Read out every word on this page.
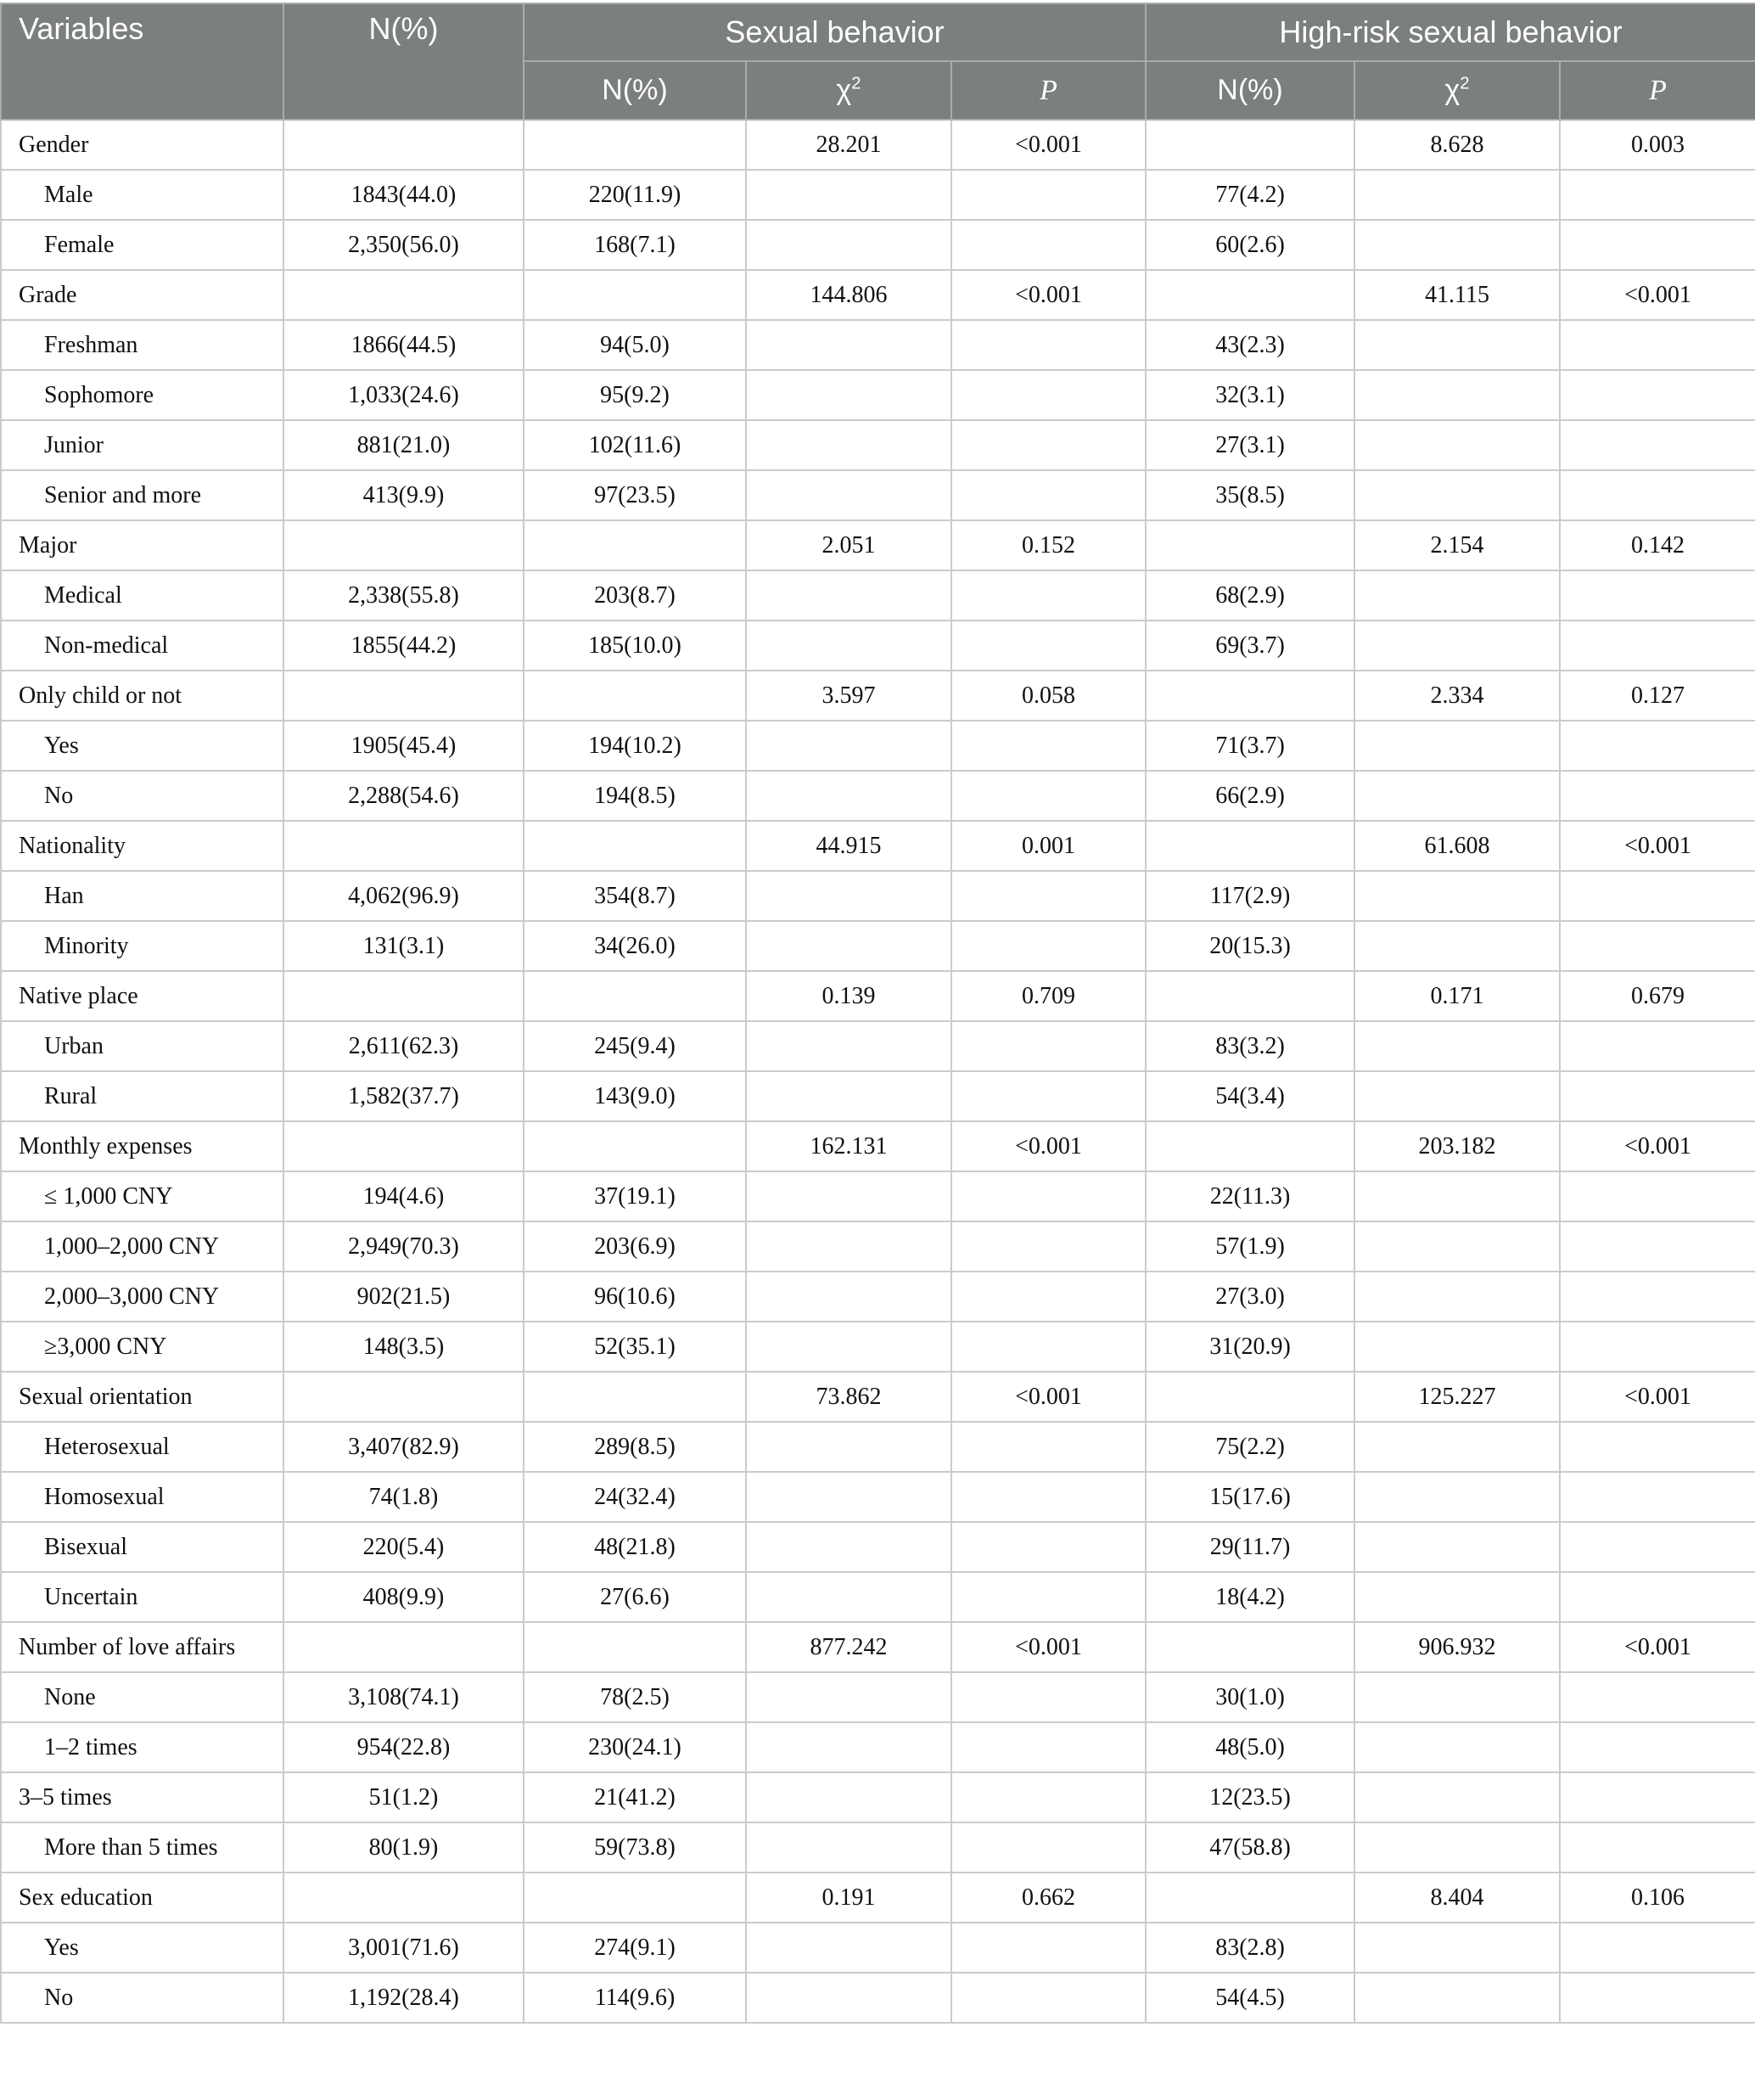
Variables	N(%)	Sexual behavior			High-risk sexual behavior		
		N(%)	$\chi^2$	P	N(%)	$\chi^2$	P
Gender			28.201	<0.001		8.628	0.003
Male	1843(44.0)	220(11.9)			77(4.2)		
Female	2,350(56.0)	168(7.1)			60(2.6)		
Grade			144.806	<0.001		41.115	<0.001
Freshman	1866(44.5)	94(5.0)			43(2.3)		
Sophomore	1,033(24.6)	95(9.2)			32(3.1)		
Junior	881(21.0)	102(11.6)			27(3.1)		
Senior and more	413(9.9)	97(23.5)			35(8.5)		
Major			2.051	0.152		2.154	0.142
Medical	2,338(55.8)	203(8.7)			68(2.9)		
Non-medical	1855(44.2)	185(10.0)			69(3.7)		
Only child or not			3.597	0.058		2.334	0.127
Yes	1905(45.4)	194(10.2)			71(3.7)		
No	2,288(54.6)	194(8.5)			66(2.9)		
Nationality			44.915	0.001		61.608	<0.001
Han	4,062(96.9)	354(8.7)			117(2.9)		
Minority	131(3.1)	34(26.0)			20(15.3)		
Native place			0.139	0.709		0.171	0.679
Urban	2,611(62.3)	245(9.4)			83(3.2)		
Rural	1,582(37.7)	143(9.0)			54(3.4)		
Monthly expenses			162.131	<0.001		203.182	<0.001
≤ 1,000 CNY	194(4.6)	37(19.1)			22(11.3)		
1,000–2,000 CNY	2,949(70.3)	203(6.9)			57(1.9)		
2,000–3,000 CNY	902(21.5)	96(10.6)			27(3.0)		
≥3,000 CNY	148(3.5)	52(35.1)			31(20.9)		
Sexual orientation			73.862	<0.001		125.227	<0.001
Heterosexual	3,407(82.9)	289(8.5)			75(2.2)		
Homosexual	74(1.8)	24(32.4)			15(17.6)		
Bisexual	220(5.4)	48(21.8)			29(11.7)		
Uncertain	408(9.9)	27(6.6)			18(4.2)		
Number of love affairs			877.242	<0.001		906.932	<0.001
None	3,108(74.1)	78(2.5)			30(1.0)		
1–2 times	954(22.8)	230(24.1)			48(5.0)		
3–5 times	51(1.2)	21(41.2)			12(23.5)		
More than 5 times	80(1.9)	59(73.8)			47(58.8)		
Sex education			0.191	0.662		8.404	0.106
Yes	3,001(71.6)	274(9.1)			83(2.8)		
No	1,192(28.4)	114(9.6)			54(4.5)		
